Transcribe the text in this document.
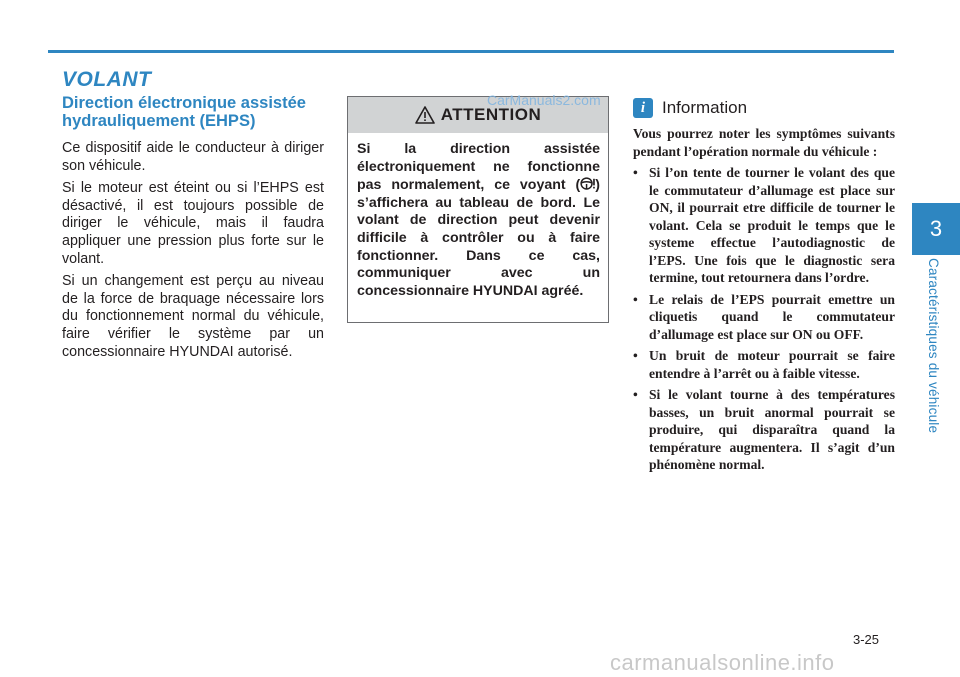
3
Caractéristiques du véhicule
VOLANT
Direction électronique assistée hydrauliquement (EHPS)

Ce dispositif aide le conducteur à diriger son véhicule.

Si le moteur est éteint ou si l’EHPS est désactivé, il est toujours possible de diriger le véhicule, mais il faudra appliquer une pression plus forte sur le volant.

Si un changement est perçu au niveau de la force de braquage nécessaire lors du fonctionnement normal du véhicule, faire vérifier le système par un concessionnaire HYUNDAI autorisé.

ATTENTION
Si la direction assistée électroniquement ne fonctionne pas normalement, ce voyant ( ) s’affichera au tableau de bord. Le volant de direction peut devenir difficile à contrôler ou à faire fonctionner. Dans ce cas, communiquer avec un concessionnaire HYUNDAI agréé.
CarManuals2.com	i Information

Vous pourrez noter les symptômes suivants pendant l’opération normale du véhicule :

• Si l’on tente de tourner le volant des que le commutateur d’allumage est place sur ON, il pourrait etre difficile de tourner le volant. Cela se produit le temps que le systeme effectue l’autodiagnostic de l’EPS. Une fois que le diagnostic sera termine, tout retournera dans l’ordre.
• Le relais de l’EPS pourrait emettre un cliquetis quand le commutateur d’allumage est place sur ON ou OFF.
• Un bruit de moteur pourrait se faire entendre à l’arrêt ou à faible vitesse.
• Si le volant tourne à des températures basses, un bruit anormal pourrait se produire, qui disparaîtra quand la température augmentera. Il s’agit d’un phénomène normal.
3-25
carmanualsonline.info
